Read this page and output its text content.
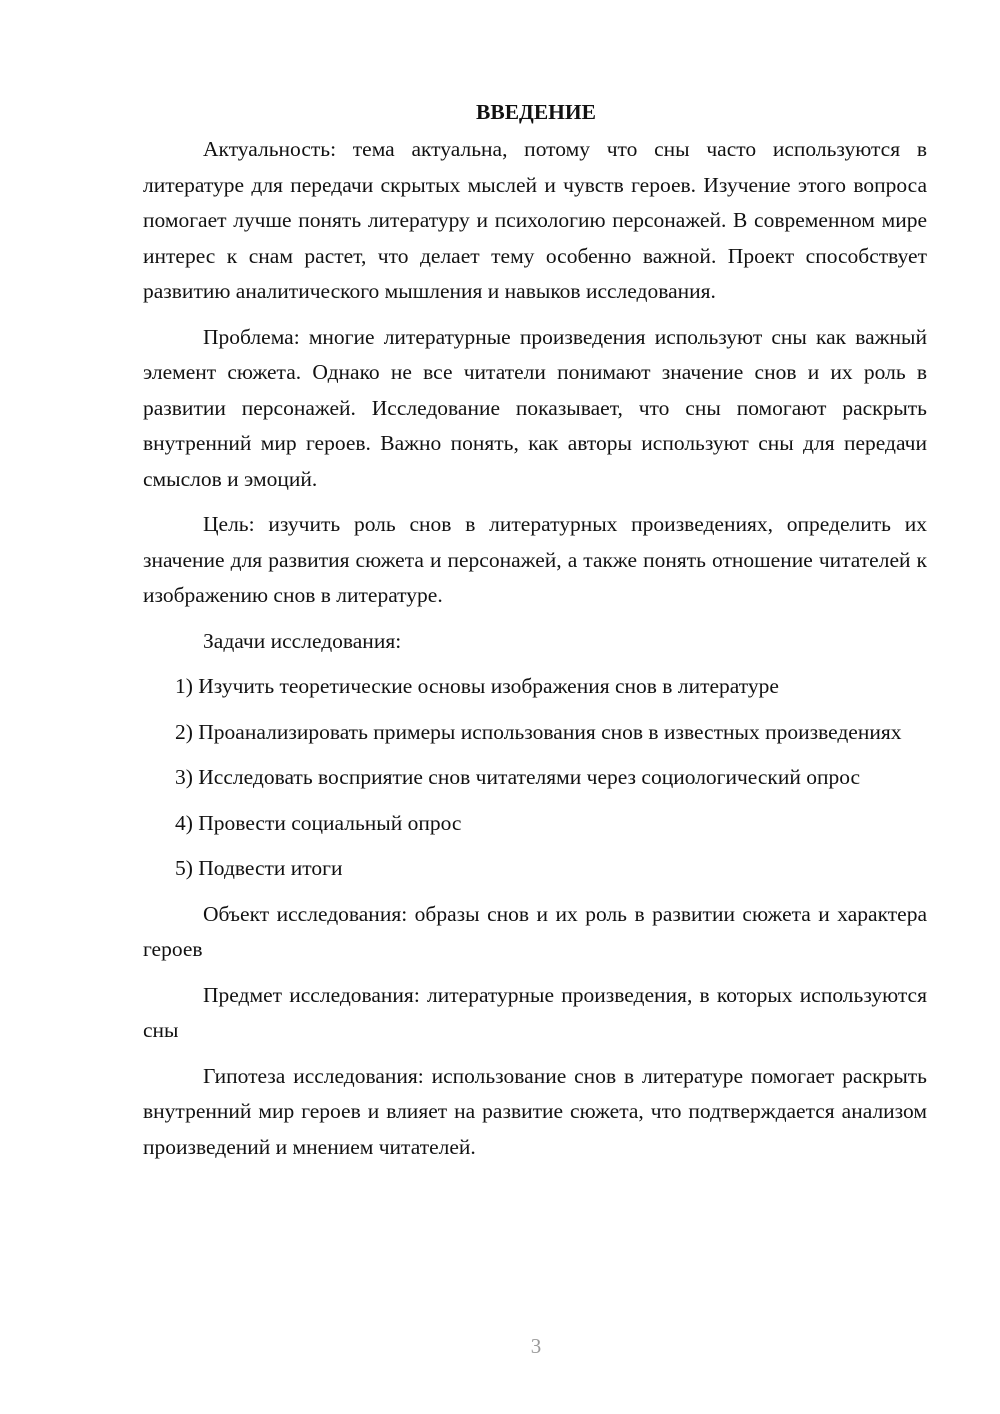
ВВЕДЕНИЕ

Актуальность: тема актуальна, потому что сны часто используются в литературе для передачи скрытых мыслей и чувств героев. Изучение этого вопроса помогает лучше понять литературу и психологию персонажей. В современном мире интерес к снам растет, что делает тему особенно важной. Проект способствует развитию аналитического мышления и навыков исследования.

Проблема: многие литературные произведения используют сны как важный элемент сюжета. Однако не все читатели понимают значение снов и их роль в развитии персонажей. Исследование показывает, что сны помогают раскрыть внутренний мир героев. Важно понять, как авторы используют сны для передачи смыслов и эмоций.

Цель: изучить роль снов в литературных произведениях, определить их значение для развития сюжета и персонажей, а также понять отношение читателей к изображению снов в литературе.

Задачи исследования:

1) Изучить теоретические основы изображения снов в литературе

2) Проанализировать примеры использования снов в известных произведениях

3) Исследовать восприятие снов читателями через социологический опрос

4) Провести социальный опрос

5) Подвести итоги

Объект исследования: образы снов и их роль в развитии сюжета и характера героев

Предмет исследования: литературные произведения, в которых используются сны

Гипотеза исследования: использование снов в литературе помогает раскрыть внутренний мир героев и влияет на развитие сюжета, что подтверждается анализом произведений и мнением читателей.

3
